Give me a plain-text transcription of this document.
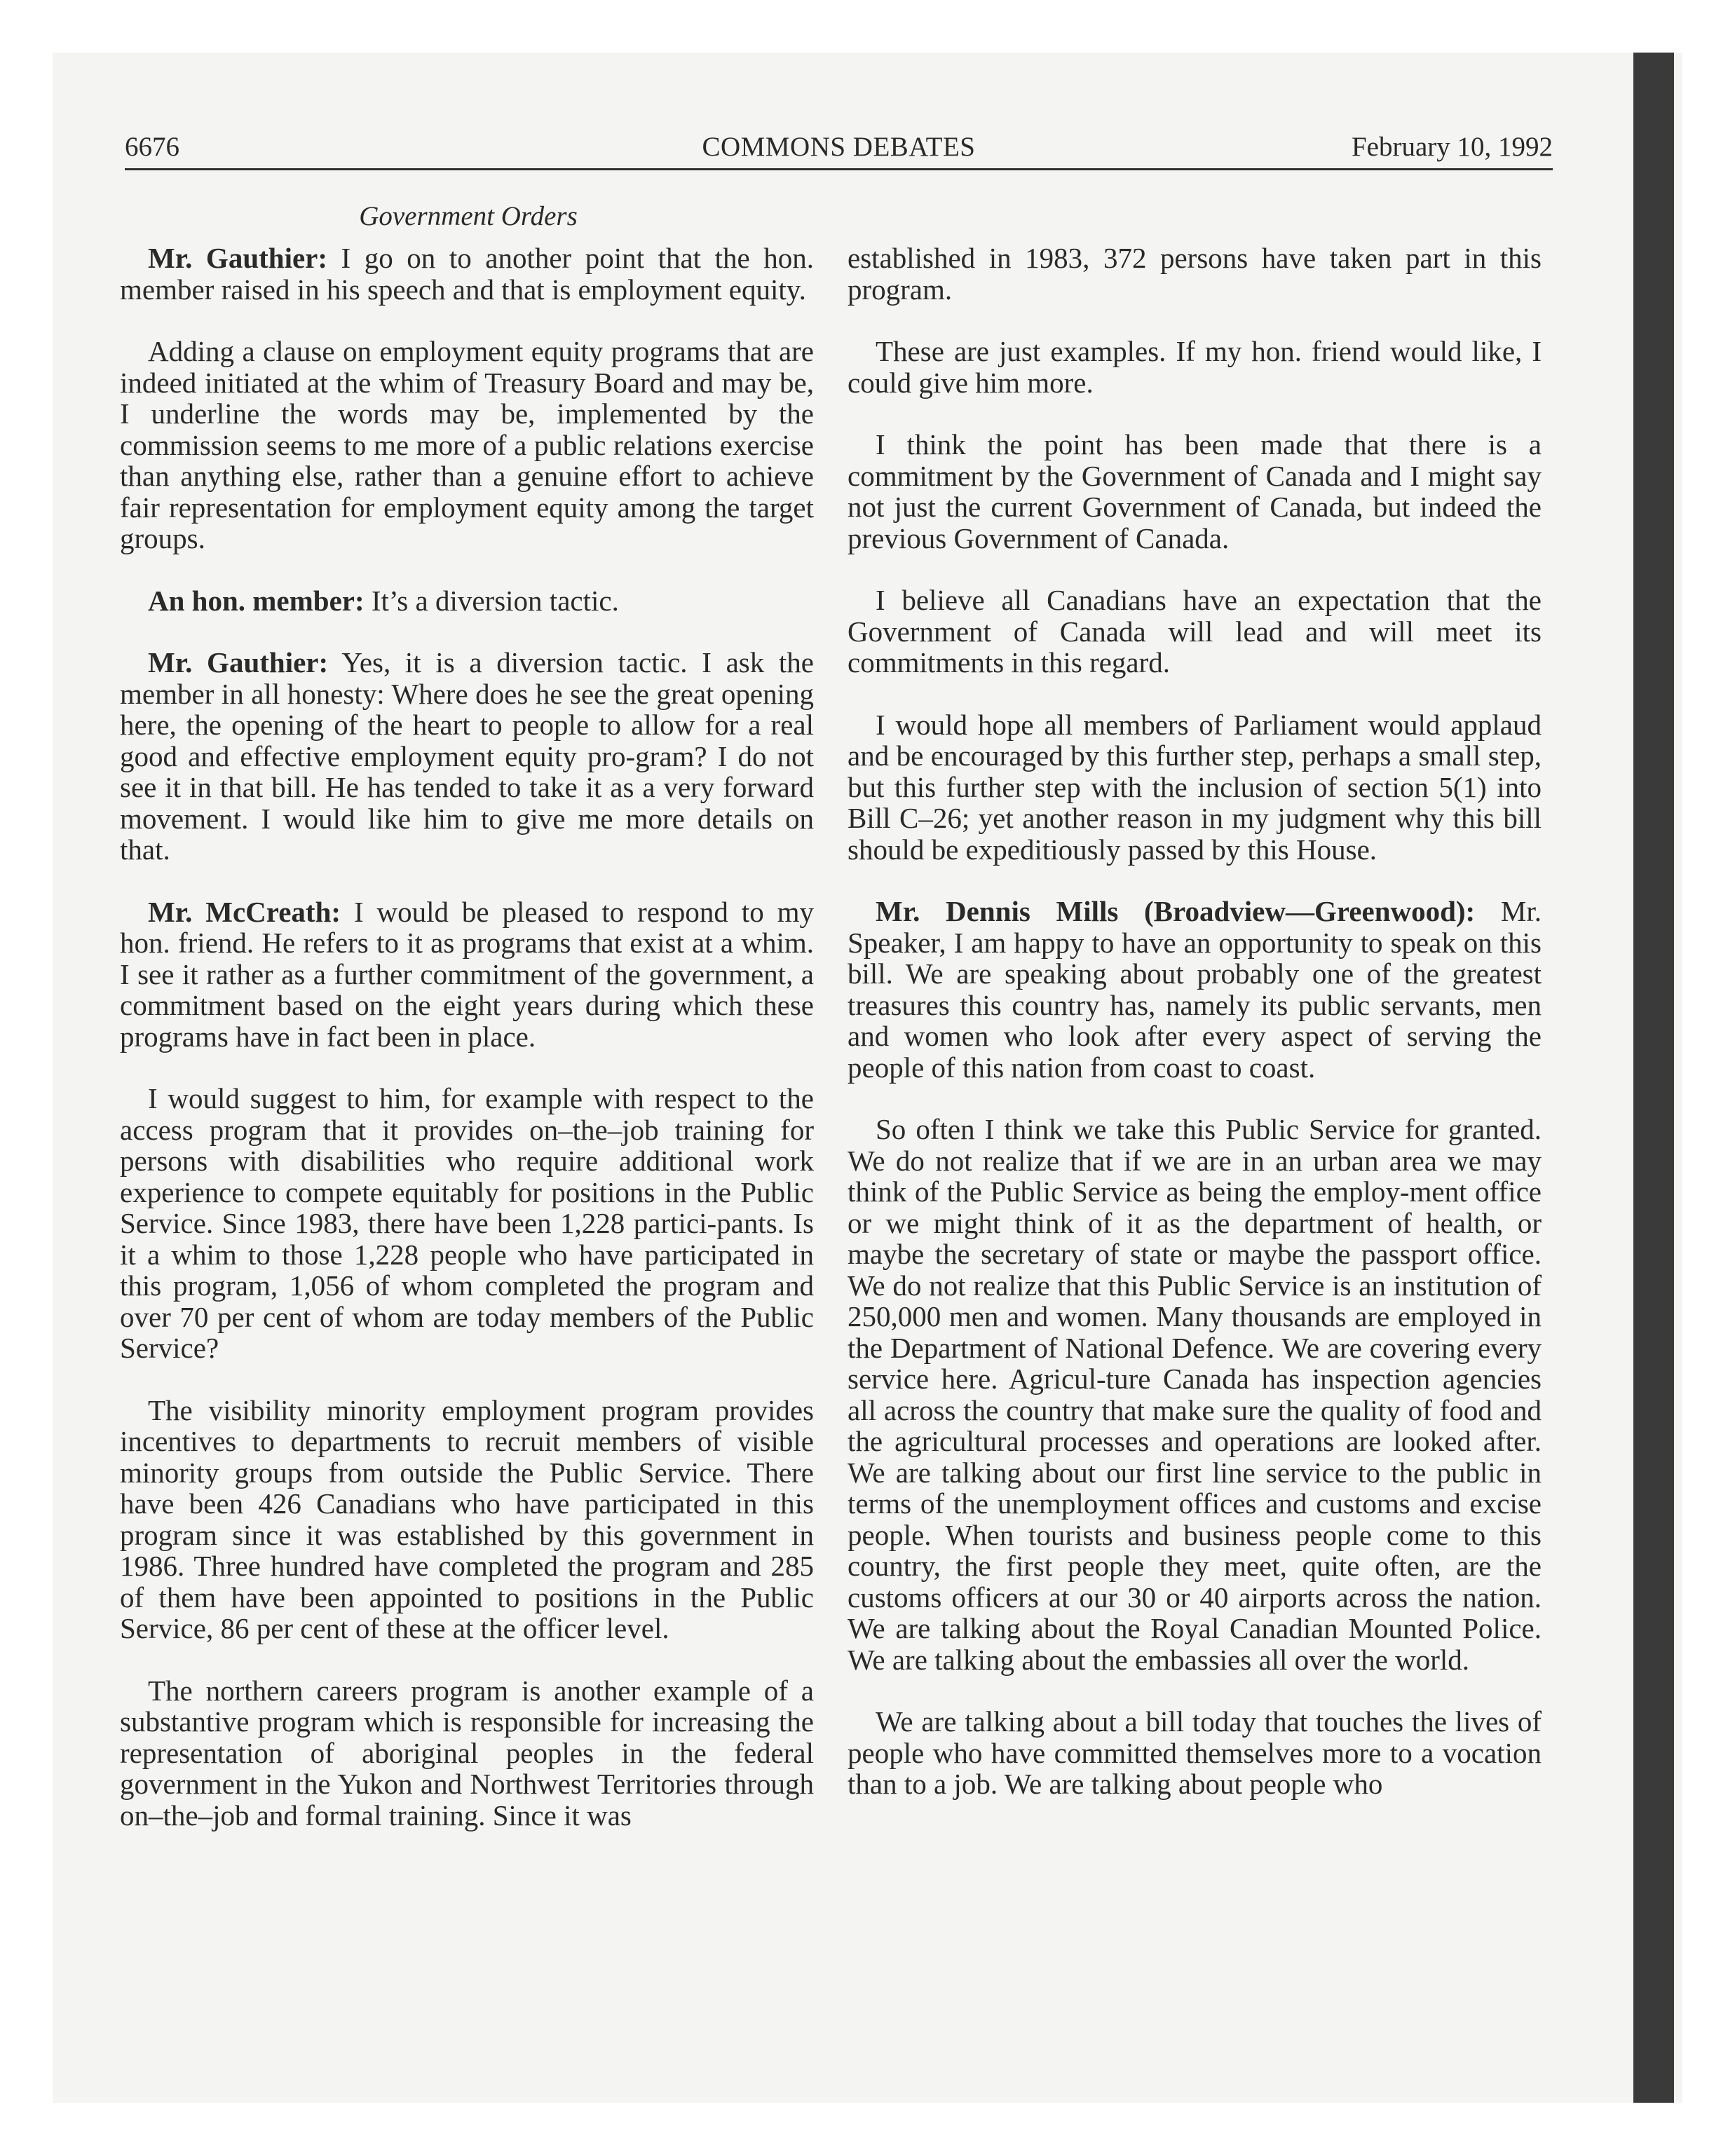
6676	COMMONS DEBATES	February 10, 1992
Government Orders

Mr. Gauthier: I go on to another point that the hon. member raised in his speech and that is employment equity.

Adding a clause on employment equity programs that are indeed initiated at the whim of Treasury Board and may be, I underline the words may be, implemented by the commission seems to me more of a public relations exercise than anything else, rather than a genuine effort to achieve fair representation for employment equity among the target groups.

An hon. member: It’s a diversion tactic.

Mr. Gauthier: Yes, it is a diversion tactic. I ask the member in all honesty: Where does he see the great opening here, the opening of the heart to people to allow for a real good and effective employment equity pro-gram? I do not see it in that bill. He has tended to take it as a very forward movement. I would like him to give me more details on that.

Mr. McCreath: I would be pleased to respond to my hon. friend. He refers to it as programs that exist at a whim. I see it rather as a further commitment of the government, a commitment based on the eight years during which these programs have in fact been in place.

I would suggest to him, for example with respect to the access program that it provides on–the–job training for persons with disabilities who require additional work experience to compete equitably for positions in the Public Service. Since 1983, there have been 1,228 partici-pants. Is it a whim to those 1,228 people who have participated in this program, 1,056 of whom completed the program and over 70 per cent of whom are today members of the Public Service?

The visibility minority employment program provides incentives to departments to recruit members of visible minority groups from outside the Public Service. There have been 426 Canadians who have participated in this program since it was established by this government in 1986. Three hundred have completed the program and 285 of them have been appointed to positions in the Public Service, 86 per cent of these at the officer level.

The northern careers program is another example of a substantive program which is responsible for increasing the representation of aboriginal peoples in the federal government in the Yukon and Northwest Territories through on–the–job and formal training. Since it was

established in 1983, 372 persons have taken part in this program.

These are just examples. If my hon. friend would like, I could give him more.

I think the point has been made that there is a commitment by the Government of Canada and I might say not just the current Government of Canada, but indeed the previous Government of Canada.

I believe all Canadians have an expectation that the Government of Canada will lead and will meet its commitments in this regard.

I would hope all members of Parliament would applaud and be encouraged by this further step, perhaps a small step, but this further step with the inclusion of section 5(1) into Bill C–26; yet another reason in my judgment why this bill should be expeditiously passed by this House.

Mr. Dennis Mills (Broadview—Greenwood): Mr. Speaker, I am happy to have an opportunity to speak on this bill. We are speaking about probably one of the greatest treasures this country has, namely its public servants, men and women who look after every aspect of serving the people of this nation from coast to coast.

So often I think we take this Public Service for granted. We do not realize that if we are in an urban area we may think of the Public Service as being the employ-ment office or we might think of it as the department of health, or maybe the secretary of state or maybe the passport office. We do not realize that this Public Service is an institution of 250,000 men and women. Many thousands are employed in the Department of National Defence. We are covering every service here. Agricul-ture Canada has inspection agencies all across the country that make sure the quality of food and the agricultural processes and operations are looked after. We are talking about our first line service to the public in terms of the unemployment offices and customs and excise people. When tourists and business people come to this country, the first people they meet, quite often, are the customs officers at our 30 or 40 airports across the nation. We are talking about the Royal Canadian Mounted Police. We are talking about the embassies all over the world.

We are talking about a bill today that touches the lives of people who have committed themselves more to a vocation than to a job. We are talking about people who
